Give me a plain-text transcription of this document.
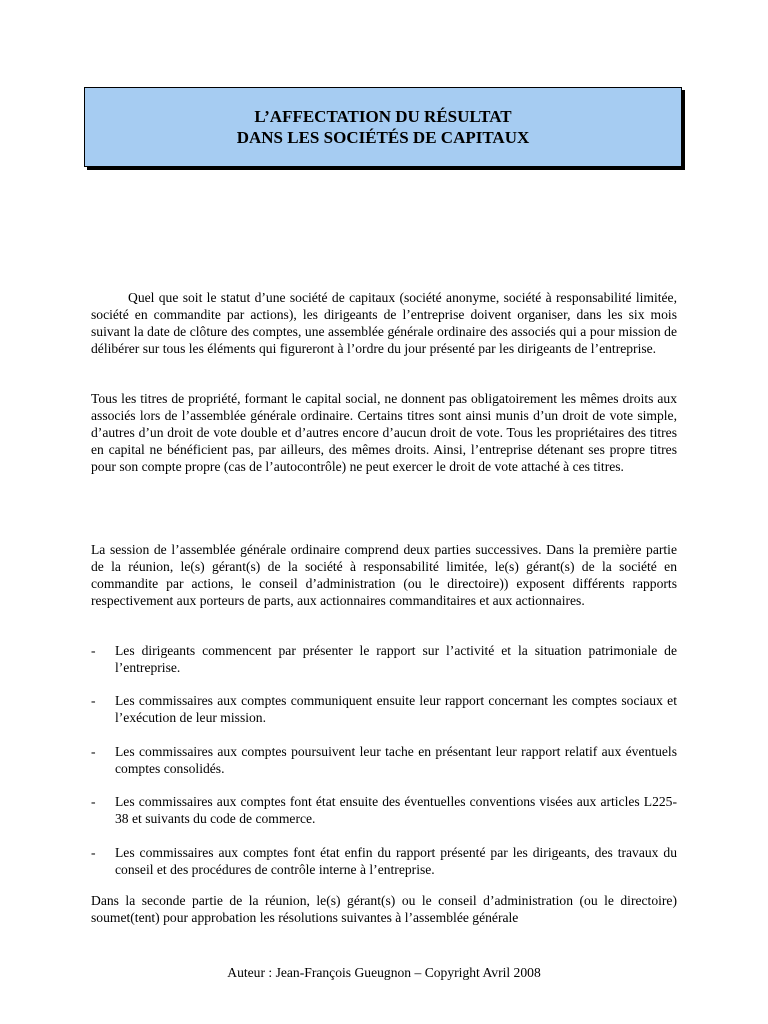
L’AFFECTATION DU RÉSULTAT
DANS LES SOCIÉTÉS DE CAPITAUX

Quel que soit le statut d’une société de capitaux (société anonyme, société à responsabilité limitée, société en commandite par actions), les dirigeants de l’entreprise doivent organiser, dans les six mois suivant la date de clôture des comptes, une assemblée générale ordinaire des associés qui a pour mission de délibérer sur tous les éléments qui figureront à l’ordre du jour présenté par les dirigeants de l’entreprise.

Tous les titres de propriété, formant le capital social, ne donnent pas obligatoirement les mêmes droits aux associés lors de l’assemblée générale ordinaire. Certains titres sont ainsi munis d’un droit de vote simple, d’autres d’un droit de vote double et d’autres encore d’aucun droit de vote. Tous les propriétaires des titres en capital ne bénéficient pas, par ailleurs, des mêmes droits. Ainsi, l’entreprise détenant ses propre titres pour son compte propre (cas de l’autocontrôle) ne peut exercer le droit de vote attaché à ces titres.

La session de l’assemblée générale ordinaire comprend deux parties successives. Dans la première partie de la réunion, le(s) gérant(s) de la société à responsabilité limitée, le(s) gérant(s) de la société en commandite par actions, le conseil d’administration (ou le directoire)) exposent différents rapports respectivement aux porteurs de parts, aux actionnaires commanditaires et aux actionnaires.

- Les dirigeants commencent par présenter le rapport sur l’activité et la situation patrimoniale de l’entreprise.
- Les commissaires aux comptes communiquent ensuite leur rapport concernant les comptes sociaux et l’exécution de leur mission.
- Les commissaires aux comptes poursuivent leur tache en présentant leur rapport relatif aux éventuels comptes consolidés.
- Les commissaires aux comptes font état ensuite des éventuelles conventions visées aux articles L225-38 et suivants du code de commerce.
- Les commissaires aux comptes font état enfin du rapport présenté par les dirigeants, des travaux du conseil et des procédures de contrôle interne à l’entreprise.

Dans la seconde partie de la réunion, le(s) gérant(s) ou le conseil d’administration (ou le directoire) soumet(tent) pour approbation les résolutions suivantes à l’assemblée générale

Auteur : Jean-François Gueugnon – Copyright Avril 2008
